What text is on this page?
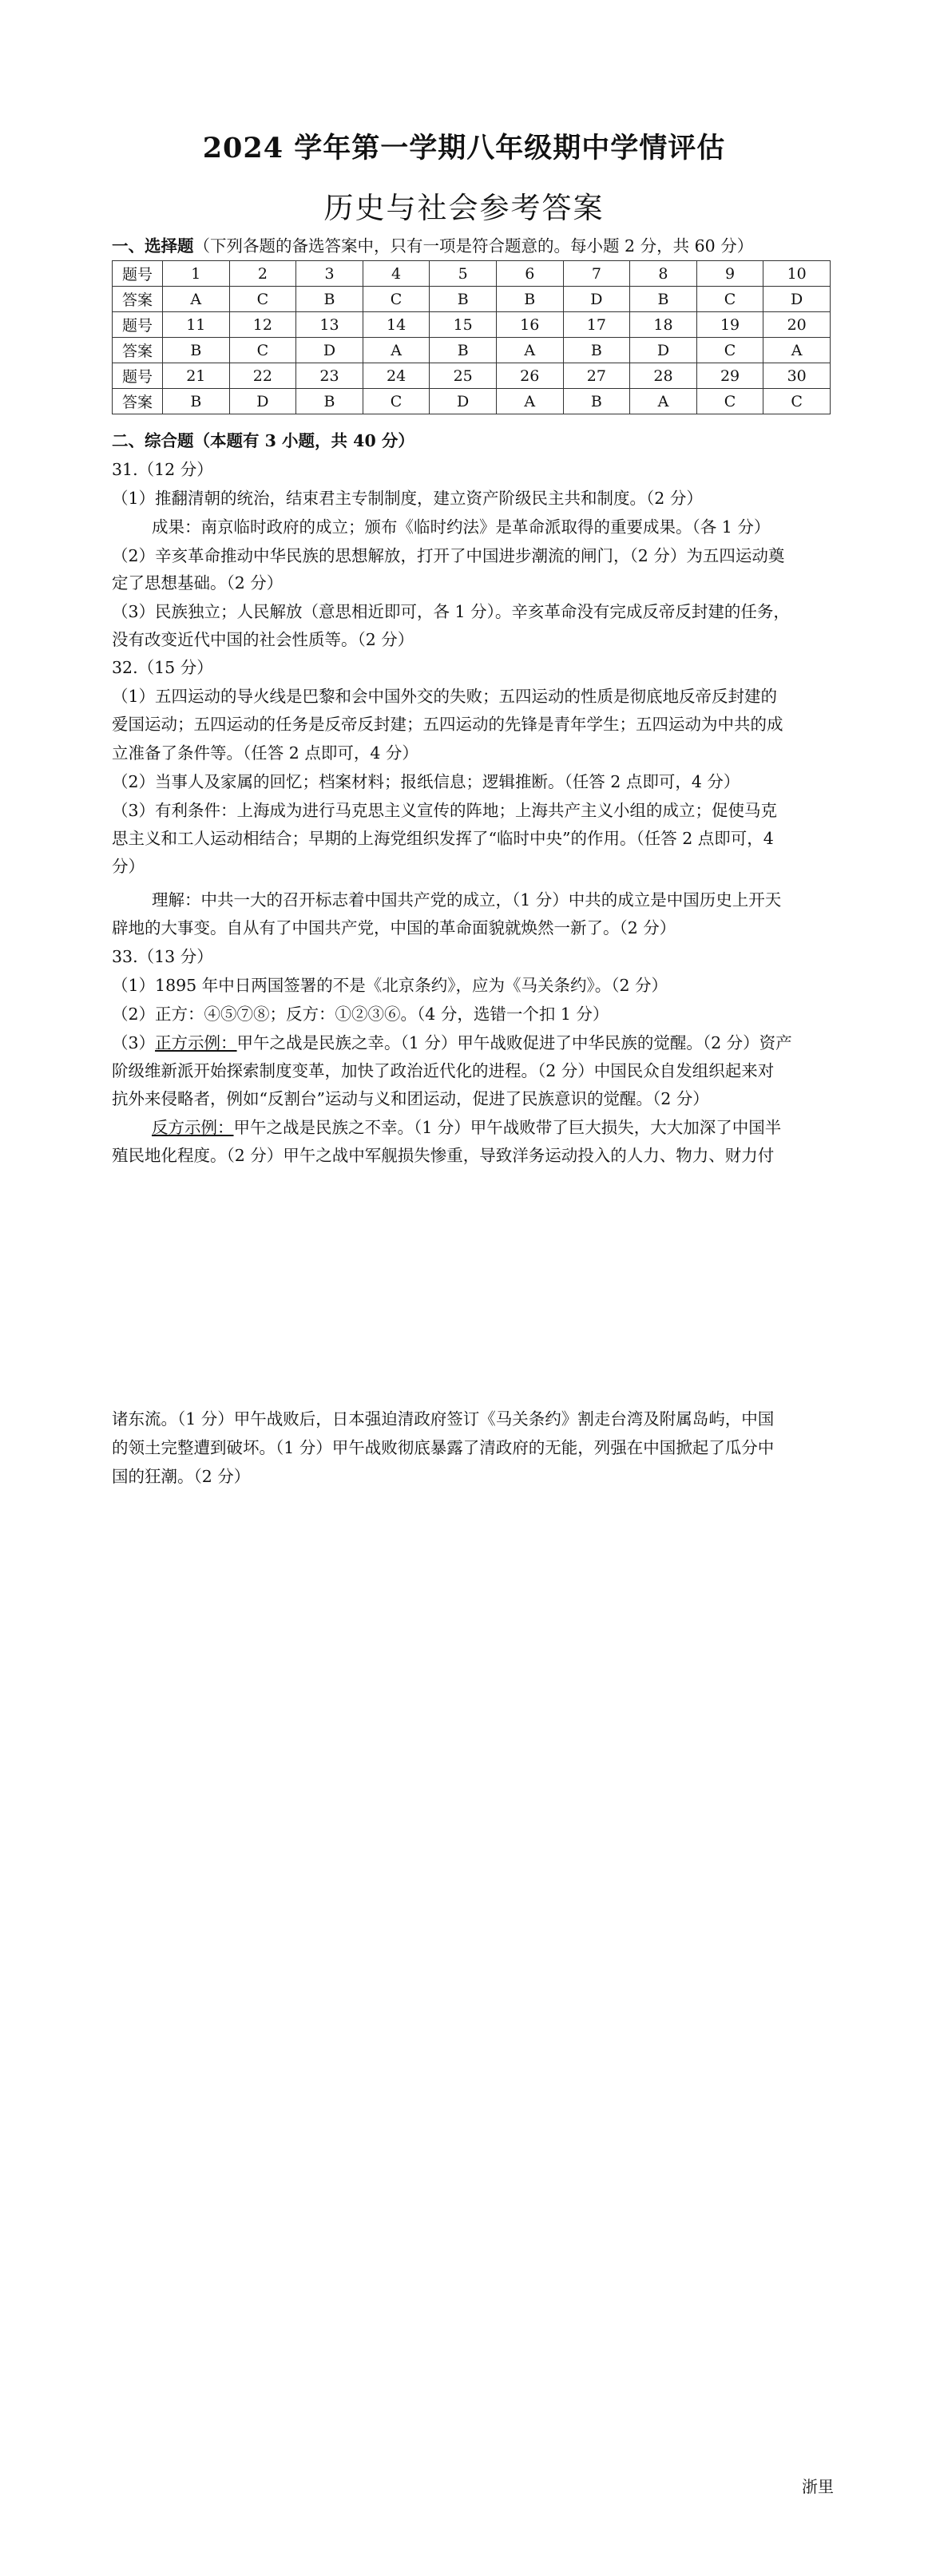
2024 学年第一学期八年级期中学情评估
历史与社会参考答案
一、选择题（下列各题的备选答案中，只有一项是符合题意的。每小题 2 分，共 60 分）
题号	1	2	3	4	5	6	7	8	9	10
答案	A	C	B	C	B	B	D	B	C	D
题号	11	12	13	14	15	16	17	18	19	20
答案	B	C	D	A	B	A	B	D	C	A
题号	21	22	23	24	25	26	27	28	29	30
答案	B	D	B	C	D	A	B	A	C	C
二、综合题（本题有 3 小题，共 40 分）
31.（12 分）
（1）推翻清朝的统治，结束君主专制制度，建立资产阶级民主共和制度。（2 分）
成果：南京临时政府的成立；颁布《临时约法》是革命派取得的重要成果。（各 1 分）
（2）辛亥革命推动中华民族的思想解放，打开了中国进步潮流的闸门，（2 分）为五四运动奠
定了思想基础。（2 分）
（3）民族独立；人民解放（意思相近即可，各 1 分）。辛亥革命没有完成反帝反封建的任务，
没有改变近代中国的社会性质等。（2 分）
32.（15 分）
（1）五四运动的导火线是巴黎和会中国外交的失败；五四运动的性质是彻底地反帝反封建的
爱国运动；五四运动的任务是反帝反封建；五四运动的先锋是青年学生；五四运动为中共的成
立准备了条件等。（任答 2 点即可，4 分）
（2）当事人及家属的回忆；档案材料；报纸信息；逻辑推断。（任答 2 点即可，4 分）
（3）有利条件：上海成为进行马克思主义宣传的阵地；上海共产主义小组的成立；促使马克
思主义和工人运动相结合；早期的上海党组织发挥了“临时中央”的作用。（任答 2 点即可，4
分）
理解：中共一大的召开标志着中国共产党的成立，（1 分）中共的成立是中国历史上开天
辟地的大事变。自从有了中国共产党，中国的革命面貌就焕然一新了。（2 分）
33.（13 分）
（1）1895 年中日两国签署的不是《北京条约》，应为《马关条约》。（2 分）
（2）正方：④⑤⑦⑧；反方：①②③⑥。（4 分，选错一个扣 1 分）
（3）正方示例：甲午之战是民族之幸。（1 分）甲午战败促进了中华民族的觉醒。（2 分）资产
阶级维新派开始探索制度变革，加快了政治近代化的进程。（2 分）中国民众自发组织起来对
抗外来侵略者，例如“反割台”运动与义和团运动，促进了民族意识的觉醒。（2 分）
反方示例：甲午之战是民族之不幸。（1 分）甲午战败带了巨大损失，大大加深了中国半
殖民地化程度。（2 分）甲午之战中军舰损失惨重，导致洋务运动投入的人力、物力、财力付
诸东流。（1 分）甲午战败后，日本强迫清政府签订《马关条约》割走台湾及附属岛屿，中国
的领土完整遭到破坏。（1 分）甲午战败彻底暴露了清政府的无能，列强在中国掀起了瓜分中
国的狂潮。（2 分）
浙里
